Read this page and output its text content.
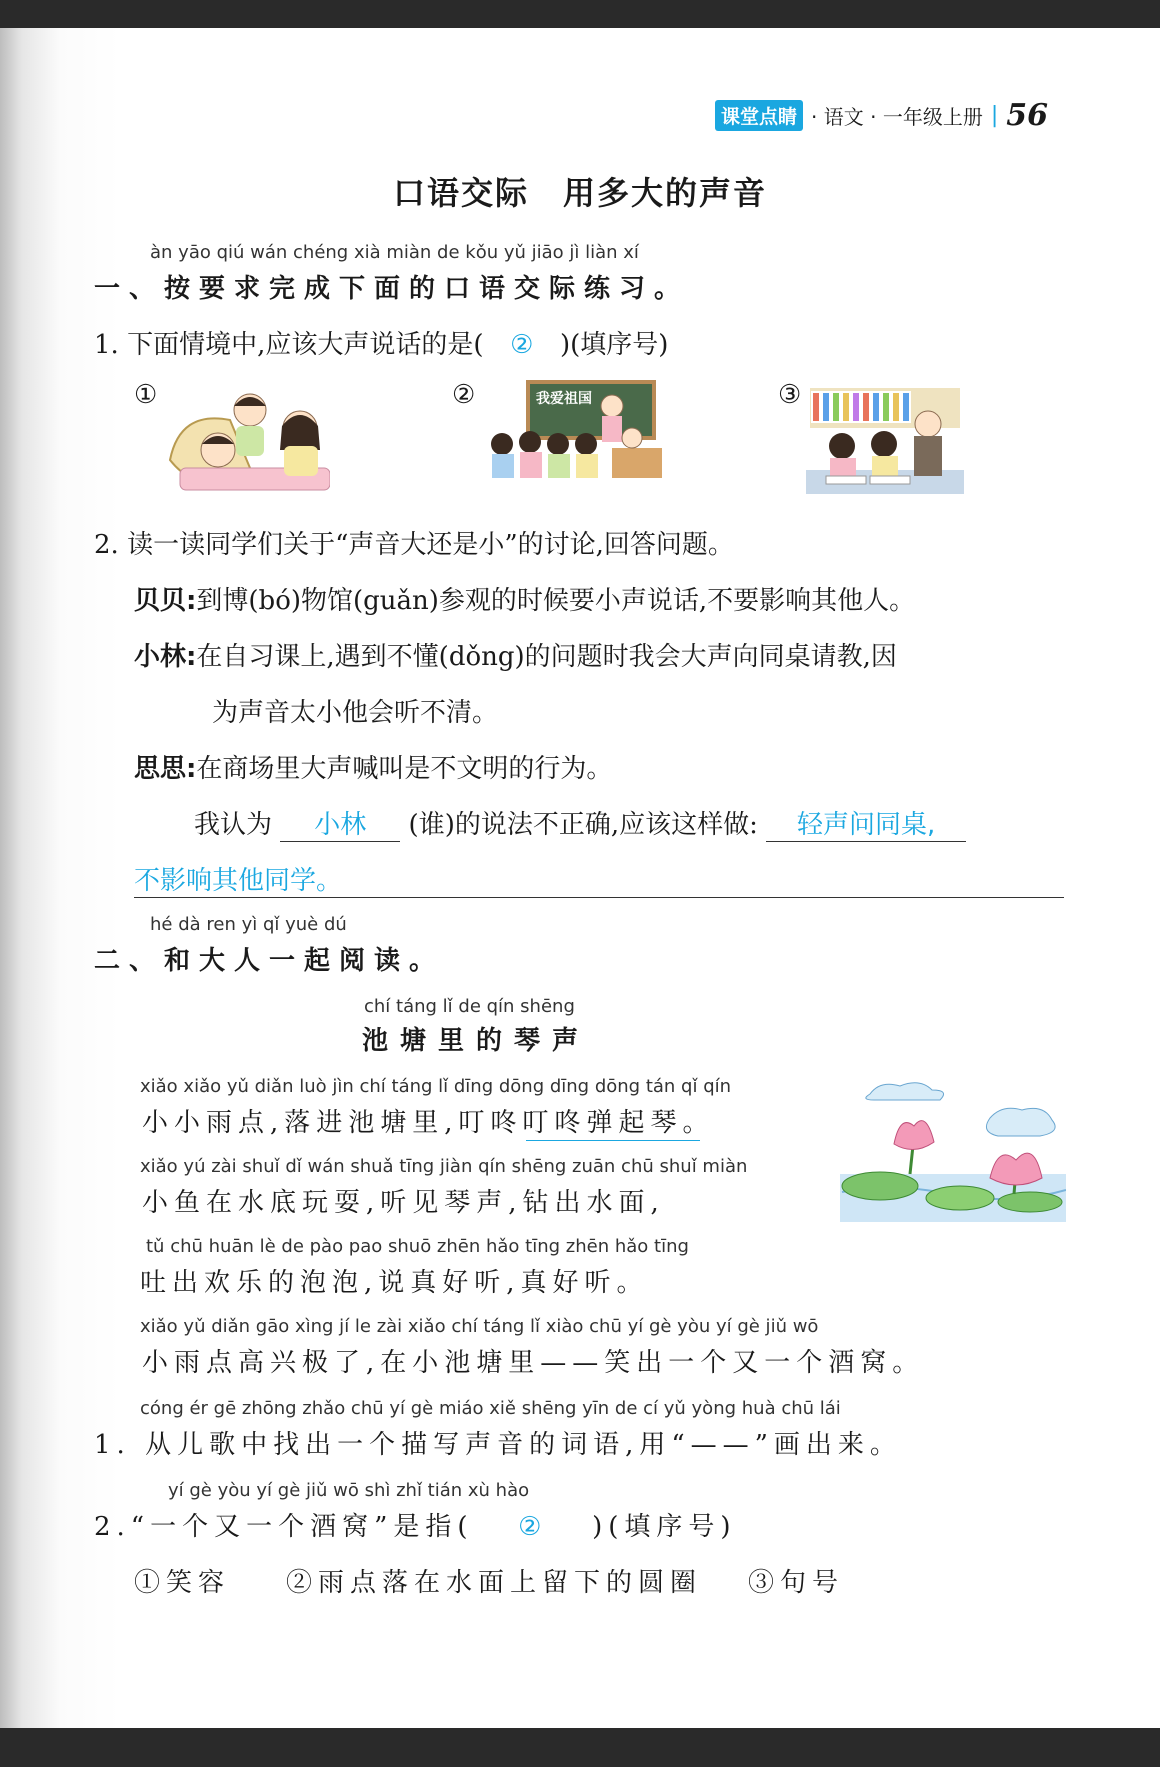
课堂点睛 · 语文 · 一年级上册 | 56
口语交际　用多大的声音
àn yāo qiú wán chéng xià miàn de kǒu yǔ jiāo jì liàn xí
一、按要求完成下面的口语交际练习。
1. 下面情境中,应该大声说话的是( ② )(填序号)
①	②	③
我爱祖国
2. 读一读同学们关于“声音大还是小”的讨论,回答问题。
贝贝:到博(bó)物馆(guǎn)参观的时候要小声说话,不要影响其他人。
小林:在自习课上,遇到不懂(dǒng)的问题时我会大声向同桌请教,因
为声音太小他会听不清。
思思:在商场里大声喊叫是不文明的行为。
我认为 小林 (谁)的说法不正确,应该这样做: 轻声问同桌,
不影响其他同学。
hé dà ren yì qǐ yuè dú
二、和大人一起阅读。
chí táng lǐ de qín shēng
池塘里的琴声
xiǎo xiǎo yǔ diǎn luò jìn chí táng lǐ dīng dōng dīng dōng tán qǐ qín
小小雨点,落进池塘里,叮咚叮咚弹起琴。
xiǎo yú zài shuǐ dǐ wán shuǎ tīng jiàn qín shēng zuān chū shuǐ miàn
小鱼在水底玩耍,听见琴声,钻出水面,
tǔ chū huān lè de pào pao shuō zhēn hǎo tīng zhēn hǎo tīng
吐出欢乐的泡泡,说真好听,真好听。
xiǎo yǔ diǎn gāo xìng jí le zài xiǎo chí táng lǐ xiào chū yí gè yòu yí gè jiǔ wō
小雨点高兴极了,在小池塘里——笑出一个又一个酒窝。
cóng ér gē zhōng zhǎo chū yí gè miáo xiě shēng yīn de cí yǔ yòng huà chū lái
1. 从儿歌中找出一个描写声音的词语,用“——”画出来。
yí gè yòu yí gè jiǔ wō shì zhǐ tián xù hào
2.“一个又一个酒窝”是指( ② )(填序号)
①笑容 ②雨点落在水面上留下的圆圈 ③句号
